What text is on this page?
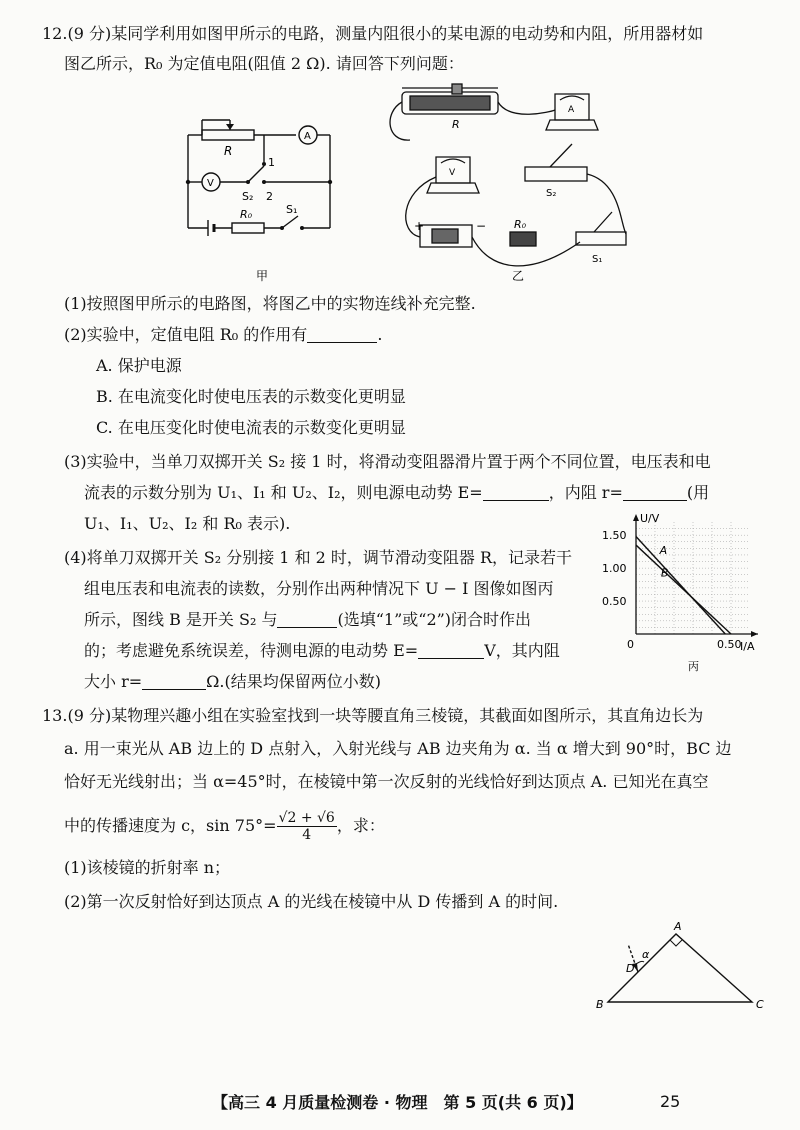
12.(9 分)某同学利用如图甲所示的电路，测量内阻很小的某电源的电动势和内阻，所用器材如
图乙所示，R₀ 为定值电阻(阻值 2 Ω). 请回答下列问题：
R
A
V
1
S₂ 2
R₀	S₁
甲
R
A
V
S₂
+	−	R₀
S₁
乙
(1)按照图甲所示的电路图，将图乙中的实物连线补充完整.
(2)实验中，定值电阻 R₀ 的作用有	.
A. 保护电源
B. 在电流变化时使电压表的示数变化更明显
C. 在电压变化时使电流表的示数变化更明显
(3)实验中，当单刀双掷开关 S₂ 接 1 时，将滑动变阻器滑片置于两个不同位置，电压表和电
流表的示数分别为 U₁、I₁ 和 U₂、I₂，则电源电动势 E=	，内阻 r=	(用
U₁、I₁、U₂、I₂ 和 R₀ 表示).
(4)将单刀双掷开关 S₂ 分别接 1 和 2 时，调节滑动变阻器 R，记录若干
组电压表和电流表的读数，分别作出两种情况下 U − I 图像如图丙
所示，图线 B 是开关 S₂ 与	(选填“1”或“2”)闭合时作出
的；考虑避免系统误差，待测电源的电动势 E=	V，其内阻
大小 r=	Ω.(结果均保留两位小数)
A
B
1.50
1.00
0.50
0.50
U/V
I/A
0
丙
13.(9 分)某物理兴趣小组在实验室找到一块等腰直角三棱镜，其截面如图所示，其直角边长为
a. 用一束光从 AB 边上的 D 点射入，入射光线与 AB 边夹角为 α. 当 α 增大到 90°时，BC 边
恰好无光线射出；当 α=45°时，在棱镜中第一次反射的光线恰好到达顶点 A. 已知光在真空
中的传播速度为 c，$\sin 75^\circ= \frac{√2 + √6}{4}$ ，求：
(1)该棱镜的折射率 n；
(2)第一次反射恰好到达顶点 A 的光线在棱镜中从 D 传播到 A 的时间.
A
B	C
D
α
【高三 4 月质量检测卷 · 物理　第 5 页(共 6 页)】	25
